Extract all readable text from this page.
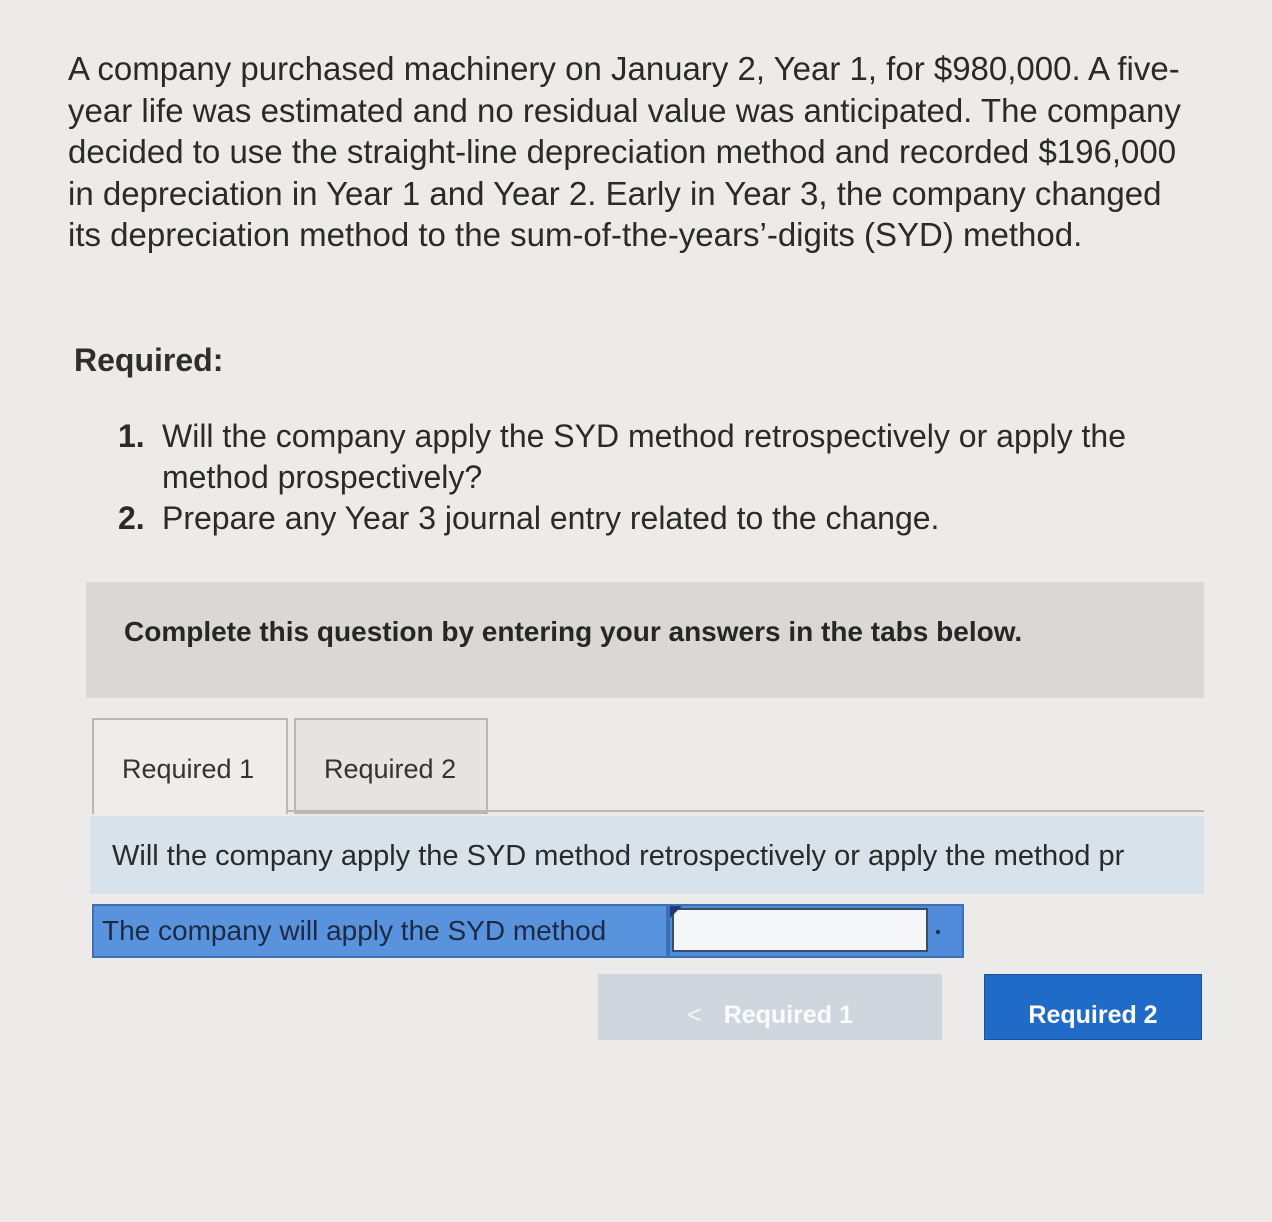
A company purchased machinery on January 2, Year 1, for $980,000. A five-year life was estimated and no residual value was anticipated. The company decided to use the straight-line depreciation method and recorded $196,000 in depreciation in Year 1 and Year 2. Early in Year 3, the company changed its depreciation method to the sum-of-the-years’-digits (SYD) method.

Required:
1. Will the company apply the SYD method retrospectively or apply the method prospectively?
2. Prepare any Year 3 journal entry related to the change.
Complete this question by entering your answers in the tabs below.
Required 1	Required 2
Will the company apply the SYD method retrospectively or apply the method pr
The company will apply the SYD method
< Required 1	Required 2
